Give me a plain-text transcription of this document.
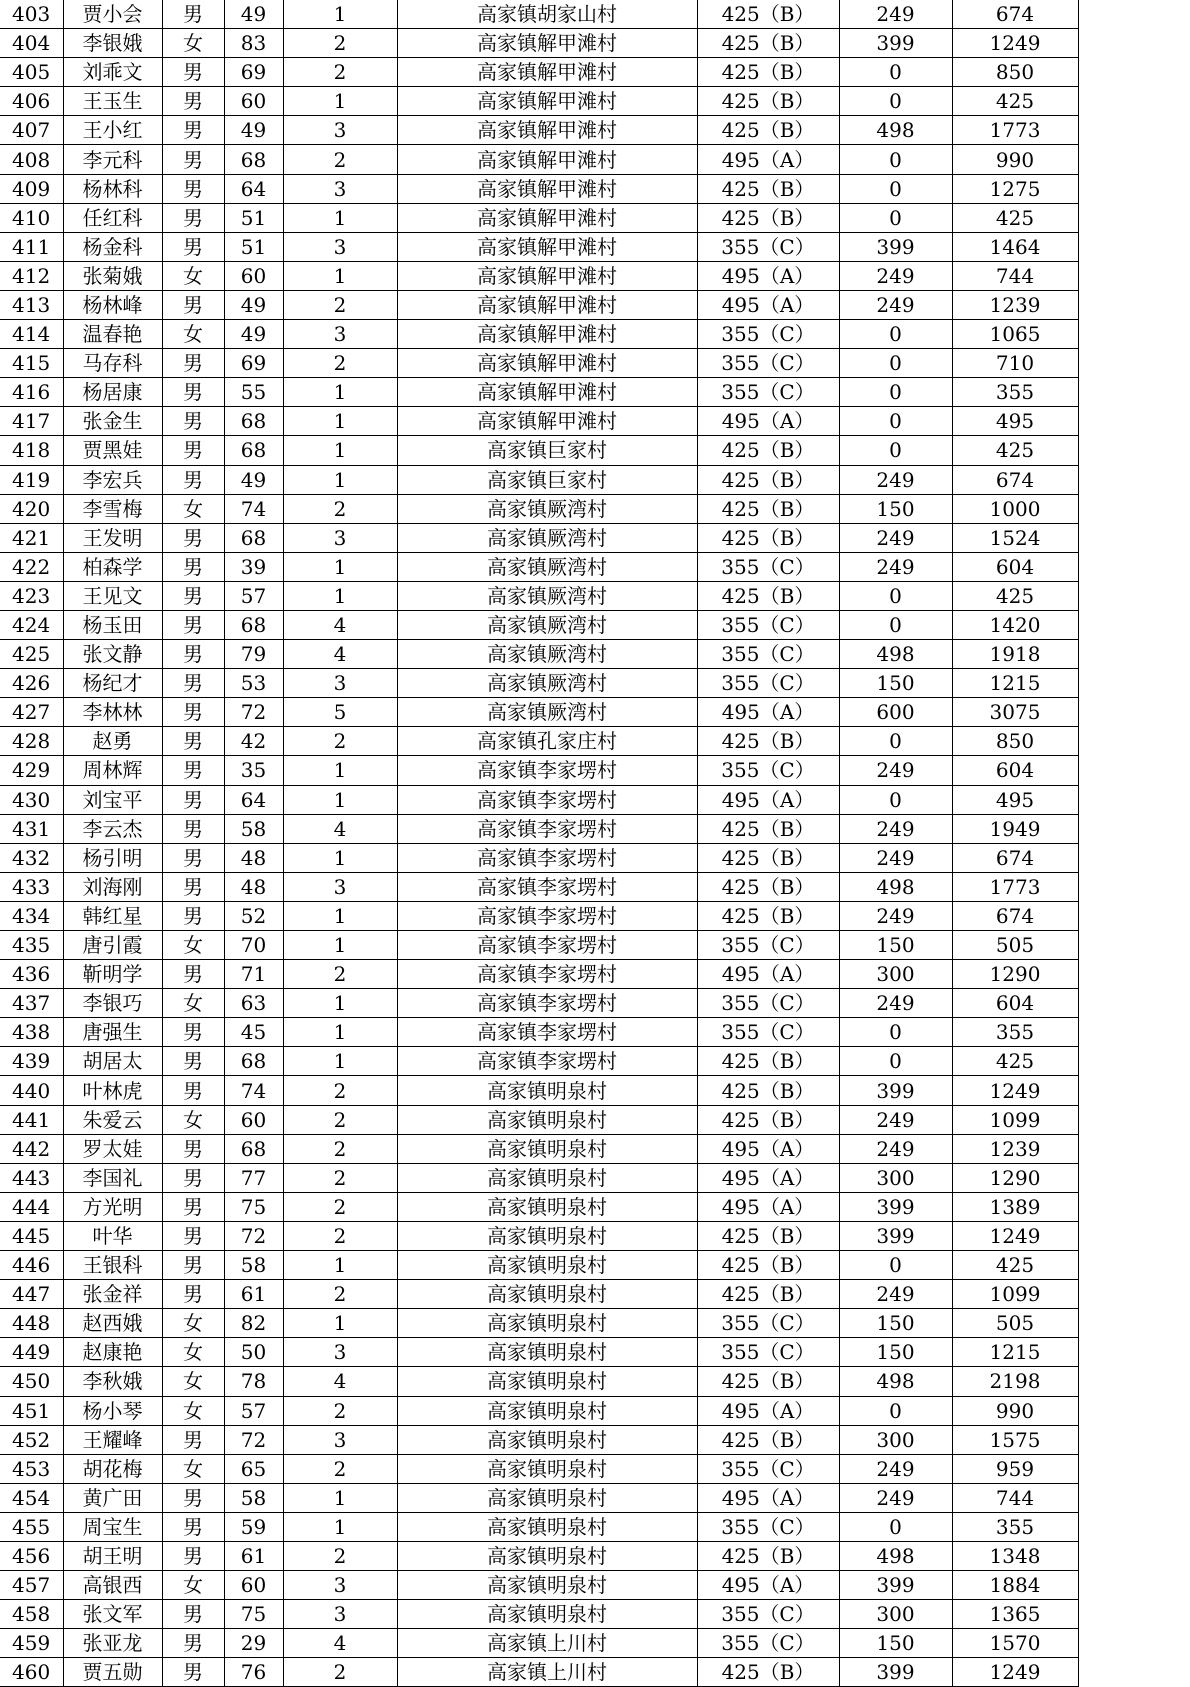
403	贾小会	男	49	1	高家镇胡家山村	425（B）	249	674
404	李银娥	女	83	2	高家镇解甲滩村	425（B）	399	1249
405	刘乖文	男	69	2	高家镇解甲滩村	425（B）	0	850
406	王玉生	男	60	1	高家镇解甲滩村	425（B）	0	425
407	王小红	男	49	3	高家镇解甲滩村	425（B）	498	1773
408	李元科	男	68	2	高家镇解甲滩村	495（A）	0	990
409	杨林科	男	64	3	高家镇解甲滩村	425（B）	0	1275
410	任红科	男	51	1	高家镇解甲滩村	425（B）	0	425
411	杨金科	男	51	3	高家镇解甲滩村	355（C）	399	1464
412	张菊娥	女	60	1	高家镇解甲滩村	495（A）	249	744
413	杨林峰	男	49	2	高家镇解甲滩村	495（A）	249	1239
414	温春艳	女	49	3	高家镇解甲滩村	355（C）	0	1065
415	马存科	男	69	2	高家镇解甲滩村	355（C）	0	710
416	杨居康	男	55	1	高家镇解甲滩村	355（C）	0	355
417	张金生	男	68	1	高家镇解甲滩村	495（A）	0	495
418	贾黑娃	男	68	1	高家镇巨家村	425（B）	0	425
419	李宏兵	男	49	1	高家镇巨家村	425（B）	249	674
420	李雪梅	女	74	2	高家镇厥湾村	425（B）	150	1000
421	王发明	男	68	3	高家镇厥湾村	425（B）	249	1524
422	柏森学	男	39	1	高家镇厥湾村	355（C）	249	604
423	王见文	男	57	1	高家镇厥湾村	425（B）	0	425
424	杨玉田	男	68	4	高家镇厥湾村	355（C）	0	1420
425	张文静	男	79	4	高家镇厥湾村	355（C）	498	1918
426	杨纪才	男	53	3	高家镇厥湾村	355（C）	150	1215
427	李林林	男	72	5	高家镇厥湾村	495（A）	600	3075
428	赵勇	男	42	2	高家镇孔家庄村	425（B）	0	850
429	周林辉	男	35	1	高家镇李家塄村	355（C）	249	604
430	刘宝平	男	64	1	高家镇李家塄村	495（A）	0	495
431	李云杰	男	58	4	高家镇李家塄村	425（B）	249	1949
432	杨引明	男	48	1	高家镇李家塄村	425（B）	249	674
433	刘海刚	男	48	3	高家镇李家塄村	425（B）	498	1773
434	韩红星	男	52	1	高家镇李家塄村	425（B）	249	674
435	唐引霞	女	70	1	高家镇李家塄村	355（C）	150	505
436	靳明学	男	71	2	高家镇李家塄村	495（A）	300	1290
437	李银巧	女	63	1	高家镇李家塄村	355（C）	249	604
438	唐强生	男	45	1	高家镇李家塄村	355（C）	0	355
439	胡居太	男	68	1	高家镇李家塄村	425（B）	0	425
440	叶林虎	男	74	2	高家镇明泉村	425（B）	399	1249
441	朱爱云	女	60	2	高家镇明泉村	425（B）	249	1099
442	罗太娃	男	68	2	高家镇明泉村	495（A）	249	1239
443	李国礼	男	77	2	高家镇明泉村	495（A）	300	1290
444	方光明	男	75	2	高家镇明泉村	495（A）	399	1389
445	叶华	男	72	2	高家镇明泉村	425（B）	399	1249
446	王银科	男	58	1	高家镇明泉村	425（B）	0	425
447	张金祥	男	61	2	高家镇明泉村	425（B）	249	1099
448	赵西娥	女	82	1	高家镇明泉村	355（C）	150	505
449	赵康艳	女	50	3	高家镇明泉村	355（C）	150	1215
450	李秋娥	女	78	4	高家镇明泉村	425（B）	498	2198
451	杨小琴	女	57	2	高家镇明泉村	495（A）	0	990
452	王耀峰	男	72	3	高家镇明泉村	425（B）	300	1575
453	胡花梅	女	65	2	高家镇明泉村	355（C）	249	959
454	黄广田	男	58	1	高家镇明泉村	495（A）	249	744
455	周宝生	男	59	1	高家镇明泉村	355（C）	0	355
456	胡王明	男	61	2	高家镇明泉村	425（B）	498	1348
457	高银西	女	60	3	高家镇明泉村	495（A）	399	1884
458	张文军	男	75	3	高家镇明泉村	355（C）	300	1365
459	张亚龙	男	29	4	高家镇上川村	355（C）	150	1570
460	贾五勋	男	76	2	高家镇上川村	425（B）	399	1249
